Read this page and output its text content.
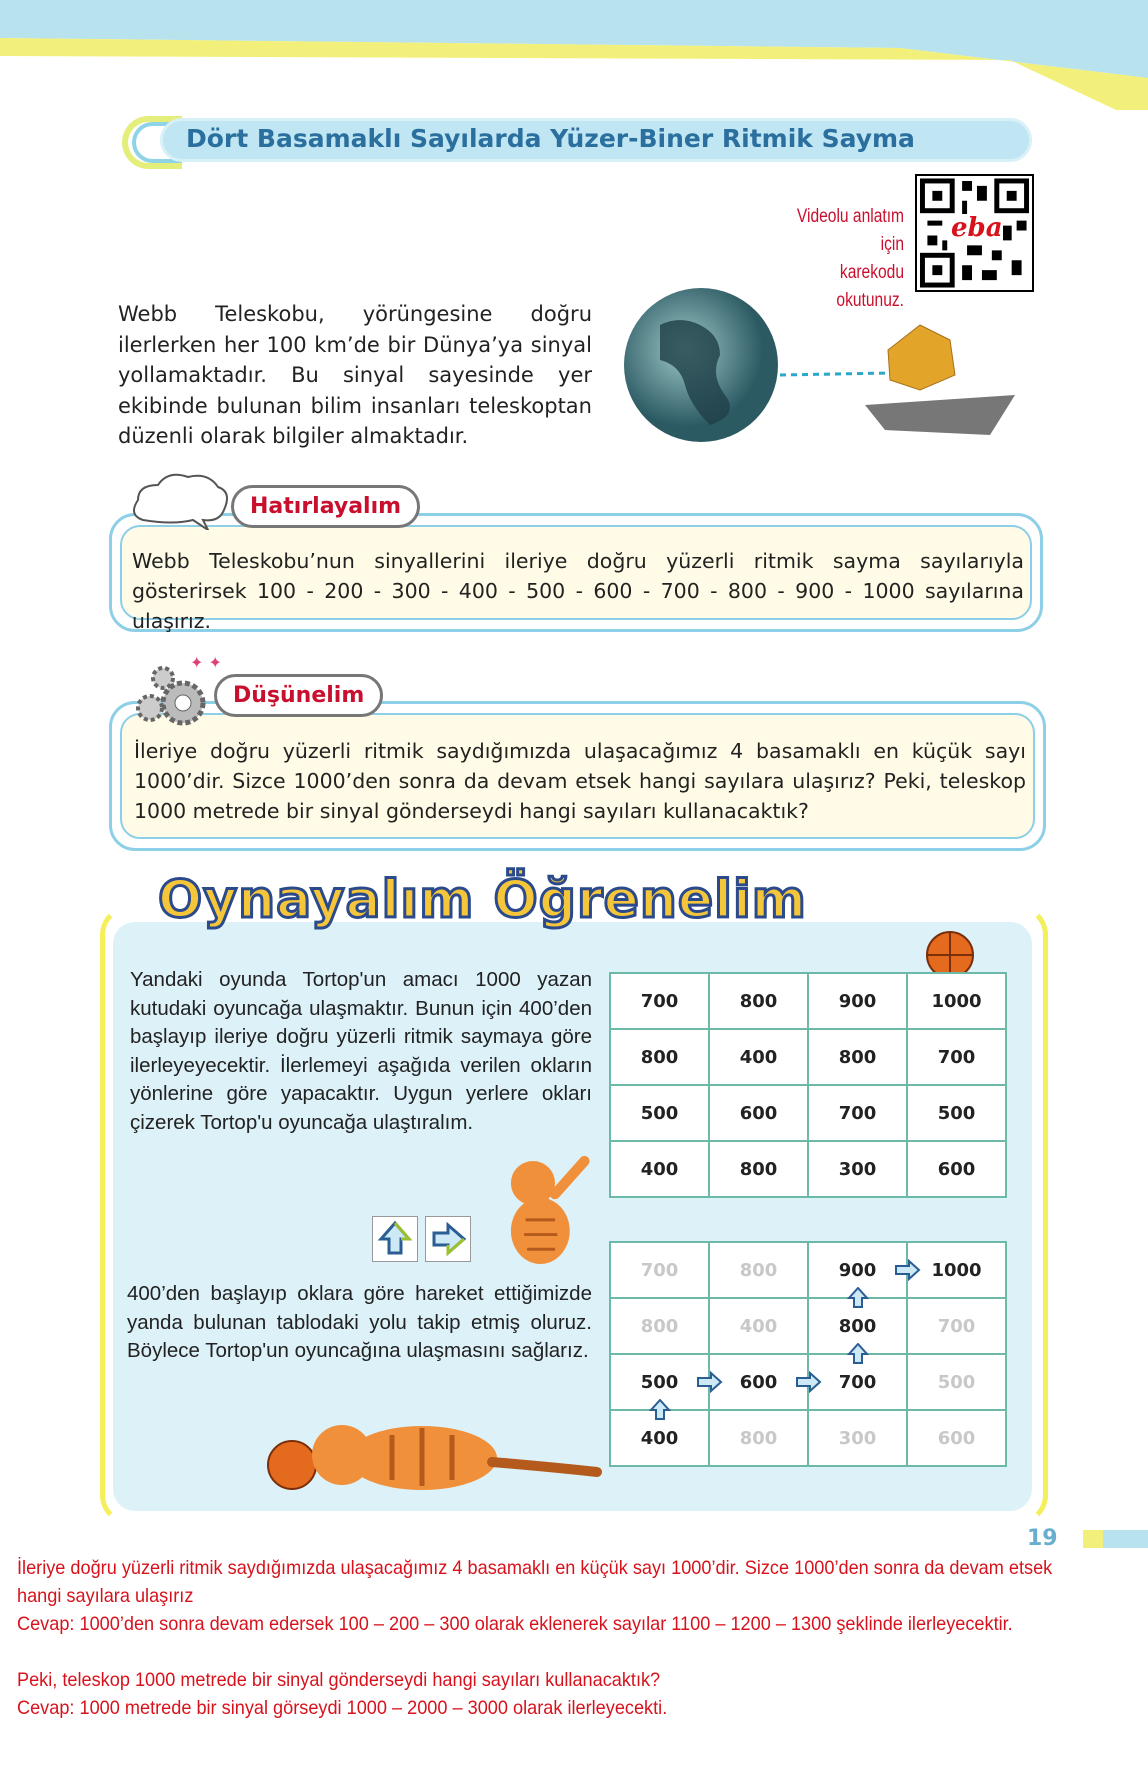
Dört Basamaklı Sayılarda Yüzer-Biner Ritmik Sayma
Videolu anlatım için
karekodu okutunuz.
eba
Webb Teleskobu, yörüngesine doğru ilerlerken her 100 km’de bir Dünya’ya sinyal yollamaktadır. Bu sinyal sayesinde yer ekibinde bulunan bilim insanları teleskoptan düzenli olarak bilgiler almaktadır.
Webb Teleskobu’nun sinyallerini ileriye doğru yüzerli ritmik sayma sayılarıyla gösterirsek 100 - 200 - 300 - 400 - 500 - 600 - 700 - 800 - 900 - 1000 sayılarına ulaşırız.
Hatırlayalım
İleriye doğru yüzerli ritmik saydığımızda ulaşacağımız 4 basamaklı en küçük sayı 1000’dir. Sizce 1000’den sonra da devam etsek hangi sayılara ulaşırız? Peki, teleskop 1000 metrede bir sinyal gönderseydi hangi sayıları kullanacaktık?
✦ ✦
Düşünelim
Oynayalım Öğrenelim
Yandaki oyunda Tortop'un amacı 1000 yazan kutudaki oyuncağa ulaşmaktır. Bunun için 400’den başlayıp ileriye doğru yüzerli ritmik saymaya göre ilerleyeyecektir. İlerlemeyi aşağıda verilen okların yönlerine göre yapacaktır. Uygun yerlere okları çizerek Tortop'u oyuncağa ulaştıralım.
400’den başlayıp oklara göre hareket ettiğimizde yanda bulunan tablodaki yolu takip etmiş oluruz. Böylece Tortop'un oyuncağına ulaşmasını sağlarız.
700	800	900	1000
800	400	800	700
500	600	700	500
400	800	300	600
700	800	900	1000
800	400	800	700

500	600	700	500

400	800	300	600
19
İleriye doğru yüzerli ritmik saydığımızda ulaşacağımız 4 basamaklı en küçük sayı 1000’dir. Sizce 1000’den sonra da devam etsek hangi sayılara ulaşırız
Cevap: 1000’den sonra devam edersek 100 – 200 – 300 olarak eklenerek sayılar 1100 – 1200 – 1300 şeklinde ilerleyecektir.
Peki, teleskop 1000 metrede bir sinyal gönderseydi hangi sayıları kullanacaktık?
Cevap: 1000 metrede bir sinyal görseydi 1000 – 2000 – 3000 olarak ilerleyecekti.
